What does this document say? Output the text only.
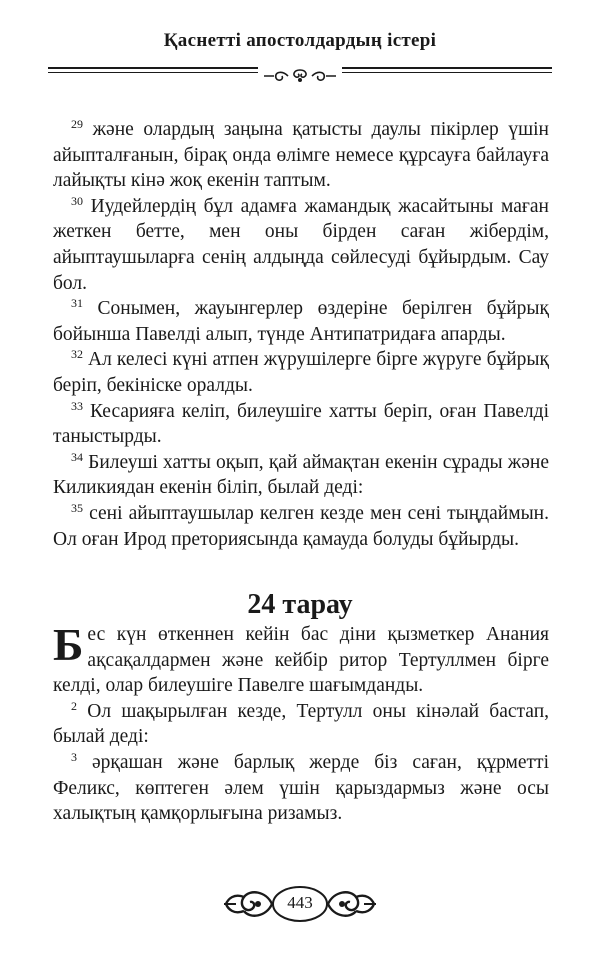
Қаснетті апостолдардың істері

$^{29}$ және олардың заңына қатысты даулы пікірлер үшін айыпталғанын, бірақ онда өлімге немесе құрсауға байлауға лайықты кінә жоқ екенін таптым.

$^{30}$ Иудейлердің бұл адамға жамандық жасайтыны маған жеткен бетте, мен оны бірден саған жібердім, айыптаушыларға сенің алдыңда сөйлесуді бұйырдым. Сау бол.

$^{31}$ Сонымен, жауынгерлер өздеріне берілген бұйрық бойынша Павелді алып, түнде Антипатридаға апарды.

$^{32}$ Ал келесі күні атпен жүрушілерге бірге жүруге бұйрық беріп, бекініске оралды.

$^{33}$ Кесарияға келіп, билеушіге хатты беріп, оған Павелді таныстырды.

$^{34}$ Билеуші хатты оқып, қай аймақтан екенін сұрады және Киликиядан екенін біліп, былай деді:

$^{35}$ сені айыптаушылар келген кезде мен сені тыңдаймын. Ол оған Ирод преториясында қамауда болуды бұйырды.

24 тарау

Бес күн өткеннен кейін бас діни қызметкер Анания ақсақалдармен және кейбір ритор Тертуллмен бірге келді, олар билеушіге Павелге шағымданды.

$^2$ Ол шақырылған кезде, Тертулл оны кінәлай бастап, былай деді:

$^3$ әрқашан және барлық жерде біз саған, құрметті Феликс, көптеген әлем үшін қарыздармыз және осы халықтың қамқорлығына ризамыз.

443
